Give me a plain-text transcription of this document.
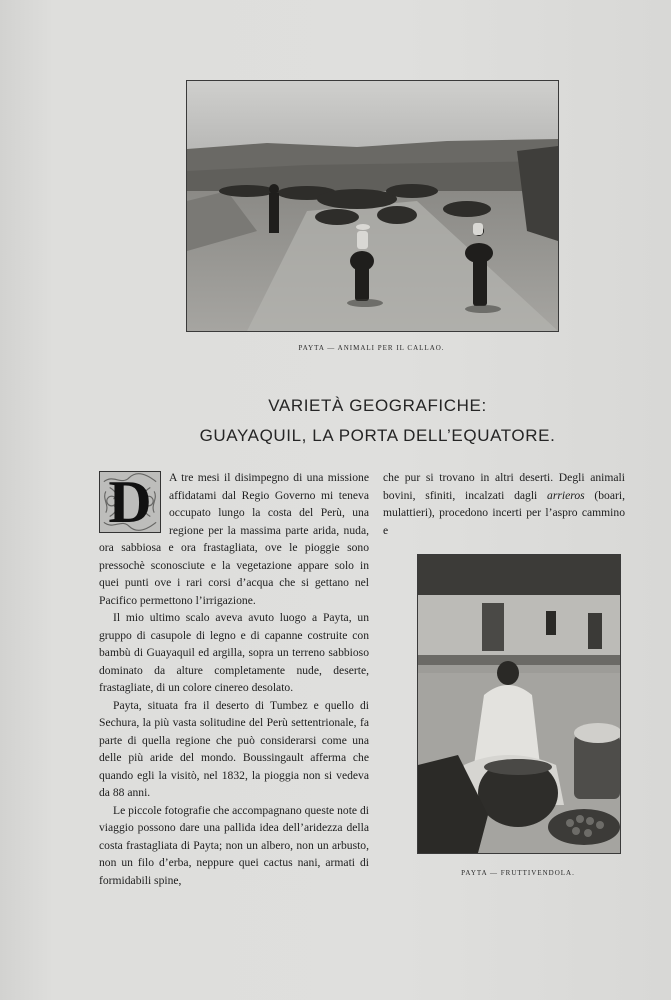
PAYTA — ANIMALI PER IL CALLAO.
VARIETÀ GEOGRAFICHE:
GUAYAQUIL, LA PORTA DELL’EQUATORE.
D	A tre mesi il disimpegno di una missione affidatami dal Regio Governo mi teneva occupato lungo la costa del Perù, una regione per la massima parte arida, nuda, ora sabbiosa e ora frastagliata, ove le pioggie sono pressochè sconosciute e la vegetazione appare solo in quei punti ove i rari corsi d’acqua che si gettano nel Pacifico permettono l’irrigazione.

Il mio ultimo scalo aveva avuto luogo a Payta, un gruppo di casupole di legno e di capanne costruite con bambù di Guayaquil ed argilla, sopra un terreno sabbioso dominato da alture completamente nude, deserte, frastagliate, di un colore cinereo desolato.

Payta, situata fra il deserto di Tumbez e quello di Sechura, la più vasta solitudine del Perù settentrionale, fa parte di quella regione che può considerarsi come una delle più aride del mondo. Boussingault afferma che quando egli la visitò, nel 1832, la pioggia non si vedeva da 88 anni.

Le piccole fotografie che accompagnano queste note di viaggio possono dare una pallida idea dell’aridezza della costa frastagliata di Payta; non un albero, non un arbusto, non un filo d’erba, neppure quei cactus nani, armati di formidabili spine,

che pur si trovano in altri deserti. Degli animali bovini, sfiniti, incalzati dagli arrieros (boari, mulattieri), procedono incerti per l’aspro cammino e

PAYTA — FRUTTIVENDOLA.
